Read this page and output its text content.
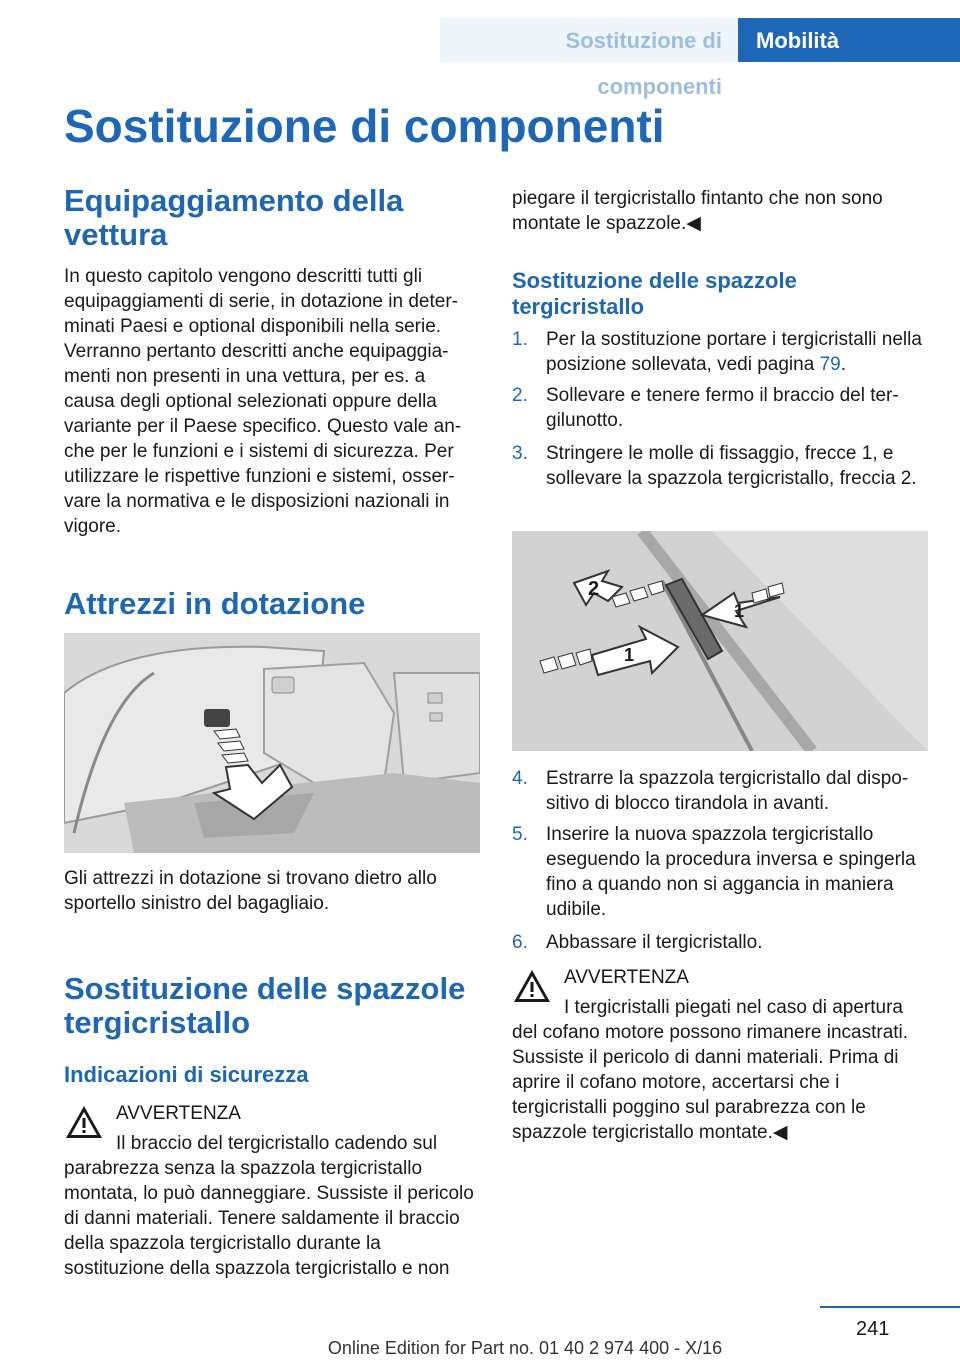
Sostituzione di componenti
Mobilità
Sostituzione di componenti
Equipaggiamento della vettura
In questo capitolo vengono descritti tutti gli equipaggiamenti di serie, in dotazione in determinati Paesi e optional disponibili nella serie. Verranno pertanto descritti anche equipaggiamenti non presenti in una vettura, per es. a causa degli optional selezionati oppure della variante per il Paese specifico. Questo vale anche per le funzioni e i sistemi di sicurezza. Per utilizzare le rispettive funzioni e sistemi, osservare la normativa e le disposizioni nazionali in vigore.
Attrezzi in dotazione
Gli attrezzi in dotazione si trovano dietro allo sportello sinistro del bagagliaio.
Sostituzione delle spazzole tergicristallo
Indicazioni di sicurezza
AVVERTENZA
Il braccio del tergicristallo cadendo sul parabrezza senza la spazzola tergicristallo montata, lo può danneggiare. Sussiste il pericolo di danni materiali. Tenere saldamente il braccio della spazzola tergicristallo durante la sostituzione della spazzola tergicristallo e non
piegare il tergicristallo fintanto che non sono montate le spazzole.◀
Sostituzione delle spazzole tergicristallo
1. Per la sostituzione portare i tergicristalli nella posizione sollevata, vedi pagina 79.
2. Sollevare e tenere fermo il braccio del tergilunotto.
3. Stringere le molle di fissaggio, frecce 1, e sollevare la spazzola tergicristallo, freccia 2.
2
1
1
4. Estrarre la spazzola tergicristallo dal dispositivo di blocco tirandola in avanti.
5. Inserire la nuova spazzola tergicristallo eseguendo la procedura inversa e spingerla fino a quando non si aggancia in maniera udibile.
6. Abbassare il tergicristallo.
AVVERTENZA
I tergicristalli piegati nel caso di apertura del cofano motore possono rimanere incastrati. Sussiste il pericolo di danni materiali. Prima di aprire il cofano motore, accertarsi che i tergicristalli poggino sul parabrezza con le spazzole tergicristallo montate.◀
241
Online Edition for Part no. 01 40 2 974 400 - X/16
